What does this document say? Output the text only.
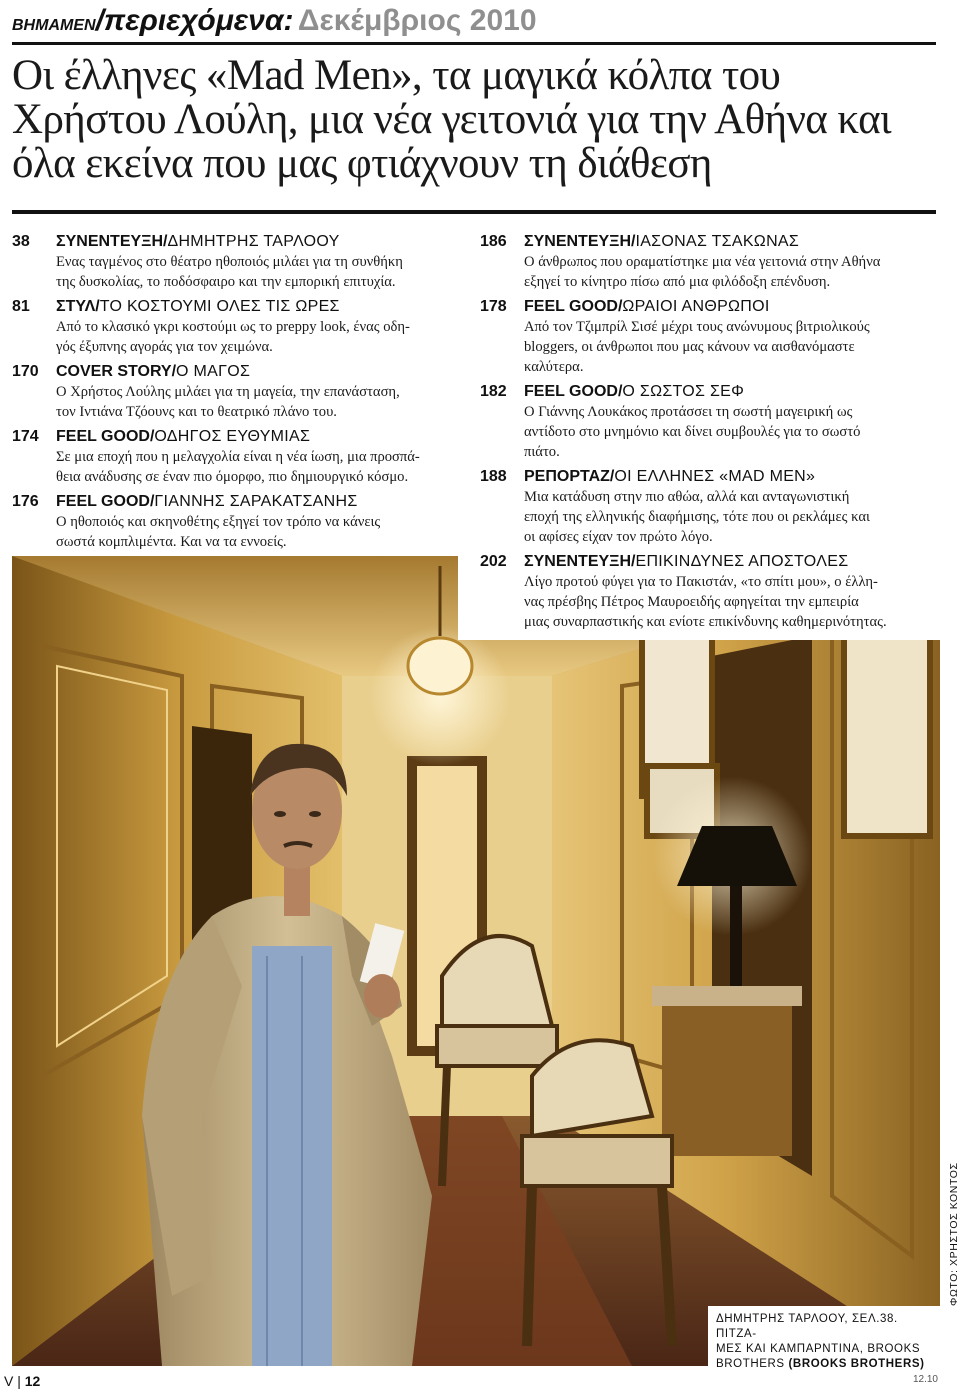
ΒΗΜΑMEN/περιεχόμενα: Δεκέμβριος 2010
Οι έλληνες «Mad Men», τα μαγικά κόλπα του
Χρήστου Λούλη, μια νέα γειτονιά για την Αθήνα και
όλα εκείνα που μας φτιάχνουν τη διάθεση
38 ΣΥΝΕΝΤΕΥΞΗ/ΔΗΜΗΤΡΗΣ ΤΑΡΛΟΟΥ
Ενας ταγμένος στο θέατρο ηθοποιός μιλάει για τη συνθήκη
της δυσκολίας, το ποδόσφαιρο και την εμπορική επιτυχία.
81 ΣΤΥΛ/ΤΟ ΚΟΣΤΟΥΜΙ ΟΛΕΣ ΤΙΣ ΩΡΕΣ
Από το κλασικό γκρι κοστούμι ως το preppy look, ένας οδη-
γός έξυπνης αγοράς για τον χειμώνα.
170 COVER STORY/Ο ΜΑΓΟΣ
Ο Χρήστος Λούλης μιλάει για τη μαγεία, την επανάσταση,
τον Ιντιάνα Τζόουνς και το θεατρικό πλάνο του.
174 FEEL GOOD/ΟΔΗΓΟΣ ΕΥΘΥΜΙΑΣ
Σε μια εποχή που η μελαγχολία είναι η νέα ίωση, μια προσπά-
θεια ανάδυσης σε έναν πιο όμορφο, πιο δημιουργικό κόσμο.
176 FEEL GOOD/ΓΙΑΝΝΗΣ ΣΑΡΑΚΑΤΣΑΝΗΣ
Ο ηθοποιός και σκηνοθέτης εξηγεί τον τρόπο να κάνεις
σωστά κομπλιμέντα. Και να τα εννοείς.
186 ΣΥΝΕΝΤΕΥΞΗ/ΙΑΣΟΝΑΣ ΤΣΑΚΩΝΑΣ
Ο άνθρωπος που οραματίστηκε μια νέα γειτονιά στην Αθήνα
εξηγεί το κίνητρο πίσω από μια φιλόδοξη επένδυση.
178 FEEL GOOD/ΩΡΑΙΟΙ ΑΝΘΡΩΠΟΙ
Από τον Τζιμπρίλ Σισέ μέχρι τους ανώνυμους βιτριολικούς
bloggers, οι άνθρωποι που μας κάνουν να αισθανόμαστε
καλύτερα.
182 FEEL GOOD/Ο ΣΩΣΤΟΣ ΣΕΦ
Ο Γιάννης Λουκάκος προτάσσει τη σωστή μαγειρική ως
αντίδοτο στο μνημόνιο και δίνει συμβουλές για το σωστό
πιάτο.
188 ΡΕΠΟΡΤΑΖ/ΟΙ ΕΛΛΗΝΕΣ «MAD MEN»
Μια κατάδυση στην πιο αθώα, αλλά και ανταγωνιστική
εποχή της ελληνικής διαφήμισης, τότε που οι ρεκλάμες και
οι αφίσες είχαν τον πρώτο λόγο.
202 ΣΥΝΕΝΤΕΥΞΗ/ΕΠΙΚΙΝΔΥΝΕΣ ΑΠΟΣΤΟΛΕΣ
Λίγο προτού φύγει για το Πακιστάν, «το σπίτι μου», ο έλλη-
νας πρέσβης Πέτρος Μαυροειδής αφηγείται την εμπειρία
μιας συναρπαστικής και ενίοτε επικίνδυνης καθημερινότητας.
ΔΗΜΗΤΡΗΣ ΤΑΡΛΟΟΥ, ΣΕΛ.38. ΠΙΤΖΑ-
ΜΕΣ ΚΑΙ ΚΑΜΠΑΡΝΤΙΝΑ, BROOKS
BROTHERS (BROOKS BROTHERS)
ΦΩΤΟ: ΧΡΗΣΤΟΣ ΚΟΝΤΟΣ
V | 12	12.10
